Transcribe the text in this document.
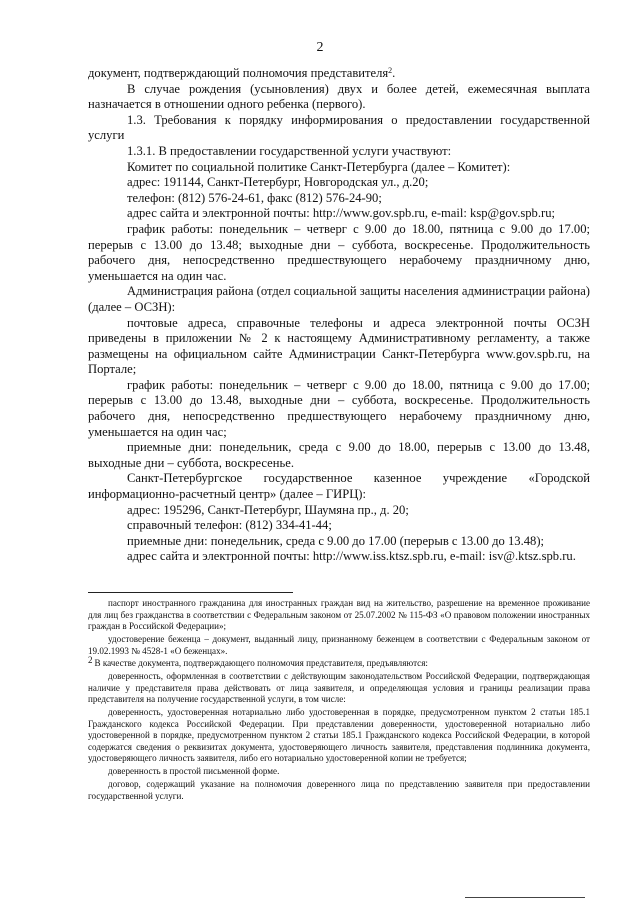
2

документ, подтверждающий полномочия представителя$^2$.

В случае рождения (усыновления) двух и более детей, ежемесячная выплата назначается в отношении одного ребенка (первого).

1.3. Требования к порядку информирования о предоставлении государственной услуги

1.3.1. В предоставлении государственной услуги участвуют:

Комитет по социальной политике Санкт-Петербурга (далее – Комитет):

адрес: 191144, Санкт-Петербург, Новгородская ул., д.20;

телефон: (812) 576-24-61, факс (812) 576-24-90;

адрес сайта и электронной почты: http://www.gov.spb.ru, e-mail: ksp@gov.spb.ru;

график работы: понедельник – четверг с 9.00 до 18.00, пятница с 9.00 до 17.00; перерыв с 13.00 до 13.48; выходные дни – суббота, воскресенье. Продолжительность рабочего дня, непосредственно предшествующего нерабочему праздничному дню, уменьшается на один час.

Администрация района (отдел социальной защиты населения администрации района) (далее – ОСЗН):

почтовые адреса, справочные телефоны и адреса электронной почты ОСЗН приведены в приложении № 2 к настоящему Административному регламенту, а также размещены на официальном сайте Администрации Санкт-Петербурга www.gov.spb.ru, на Портале;

график работы: понедельник – четверг с 9.00 до 18.00, пятница с 9.00 до 17.00; перерыв с 13.00 до 13.48, выходные дни – суббота, воскресенье. Продолжительность рабочего дня, непосредственно предшествующего нерабочему праздничному дню, уменьшается на один час;

приемные дни: понедельник, среда с 9.00 до 18.00, перерыв с 13.00 до 13.48, выходные дни – суббота, воскресенье.

Санкт-Петербургское государственное казенное учреждение «Городской информационно-расчетный центр» (далее – ГИРЦ):

адрес: 195296, Санкт-Петербург, Шаумяна пр., д. 20;

справочный телефон: (812) 334-41-44;

приемные дни: понедельник, среда с 9.00 до 17.00 (перерыв с 13.00 до 13.48);

адрес сайта и электронной почты: http://www.iss.ktsz.spb.ru, e-mail: isv@.ktsz.spb.ru.

паспорт иностранного гражданина для иностранных граждан вид на жительство, разрешение на временное проживание для лиц без гражданства в соответствии с Федеральным законом от 25.07.2002 № 115-ФЗ «О правовом положении иностранных граждан в Российской Федерации»;

удостоверение беженца – документ, выданный лицу, признанному беженцем в соответствии с Федеральным законом от 19.02.1993 № 4528-1 «О беженцах».

2 В качестве документа, подтверждающего полномочия представителя, предъявляются:

доверенность, оформленная в соответствии с действующим законодательством Российской Федерации, подтверждающая наличие у представителя права действовать от лица заявителя, и определяющая условия и границы реализации права представителя на получение государственной услуги, в том числе:

доверенность, удостоверенная нотариально либо удостоверенная в порядке, предусмотренном пунктом 2 статьи 185.1 Гражданского кодекса Российской Федерации. При представлении доверенности, удостоверенной нотариально либо удостоверенной в порядке, предусмотренном пунктом 2 статьи 185.1 Гражданского кодекса Российской Федерации, в которой содержатся сведения о реквизитах документа, удостоверяющего личность заявителя, представления подлинника документа, удостоверяющего личность заявителя, либо его нотариально удостоверенной копии не требуется;

доверенность в простой письменной форме.

договор, содержащий указание на полномочия доверенного лица по представлению заявителя при предоставлении государственной услуги.
